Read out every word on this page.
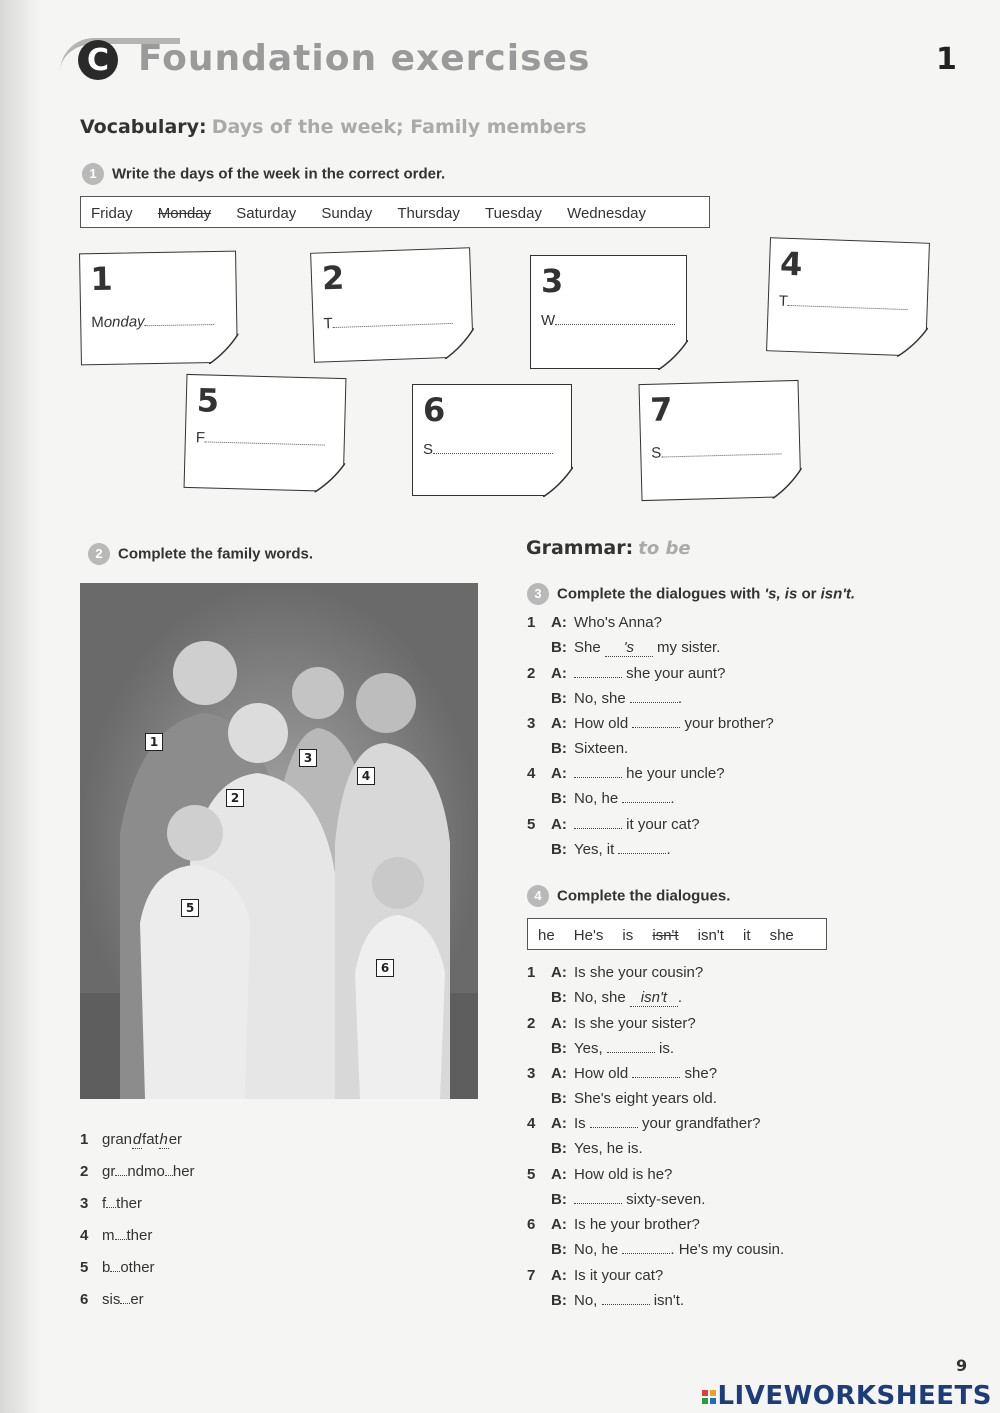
C Foundation exercises	1
Vocabulary: Days of the week; Family members
1 Write the days of the week in the correct order.
Friday Monday Saturday Sunday Thursday Tuesday Wednesday
1
Monday
2
T
3
W
4
T
5
F
6
S
7
S
2 Complete the family words.
1
2
3
4
5
6
1 grandfather
2 gr ndmo her
3 f ther
4 m ther
5 b other
6 sis er
Grammar: to be
3 Complete the dialogues with 's, is or isn't.
1 A: Who's Anna?
B: She 's my sister.
2 A:	she your aunt?
B: No, she	.
3 A: How old	your brother?
B: Sixteen.
4 A:	he your uncle?
B: No, he	.
5 A:	it your cat?
B: Yes, it	.
4 Complete the dialogues.
he He's is isn't isn't it she
1 A: Is she your cousin?
B: No, she isn't .
2 A: Is she your sister?
B: Yes,	is.
3 A: How old	she?
B: She's eight years old.
4 A: Is	your grandfather?
B: Yes, he is.
5 A: How old is he?
B:	sixty-seven.
6 A: Is he your brother?
B: No, he	. He's my cousin.
7 A: Is it your cat?
B: No,	isn't.
9
LIVEWORKSHEETS
